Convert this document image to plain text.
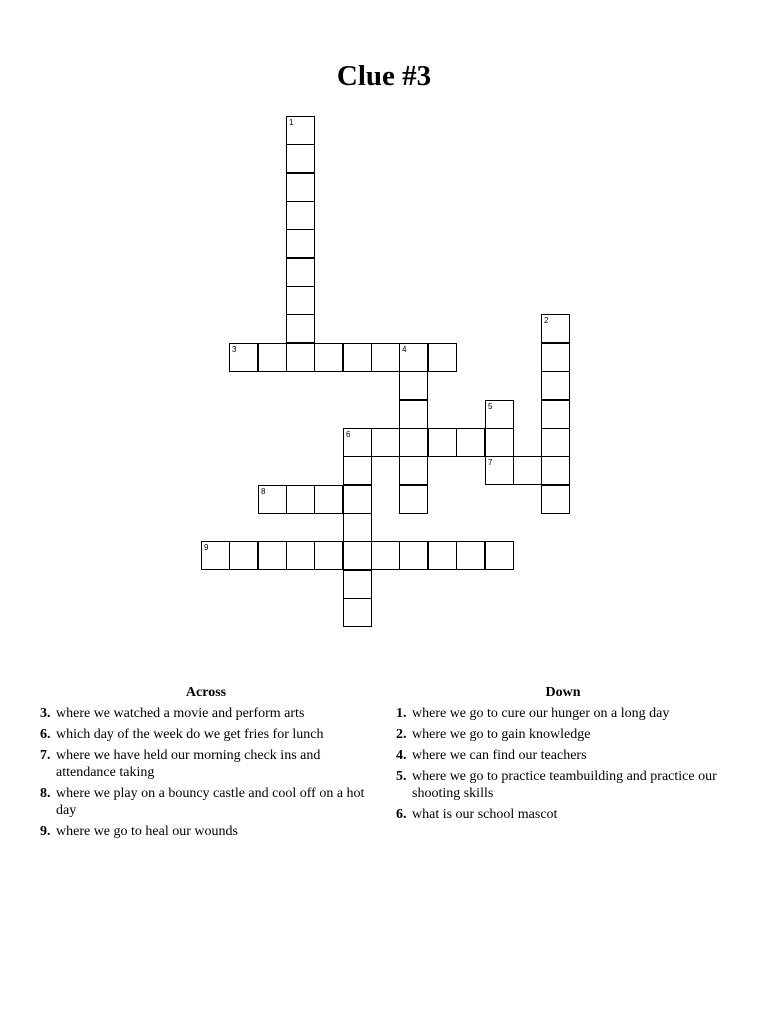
Clue #3
1
2
3	4
5
6
7
8
9
Across
3. where we watched a movie and perform arts
6. which day of the week do we get fries for lunch
7. where we have held our morning check ins and attendance taking
8. where we play on a bouncy castle and cool off on a hot day
9. where we go to heal our wounds
Down
1. where we go to cure our hunger on a long day
2. where we go to gain knowledge
4. where we can find our teachers
5. where we go to practice teambuilding and practice our shooting skills
6. what is our school mascot
